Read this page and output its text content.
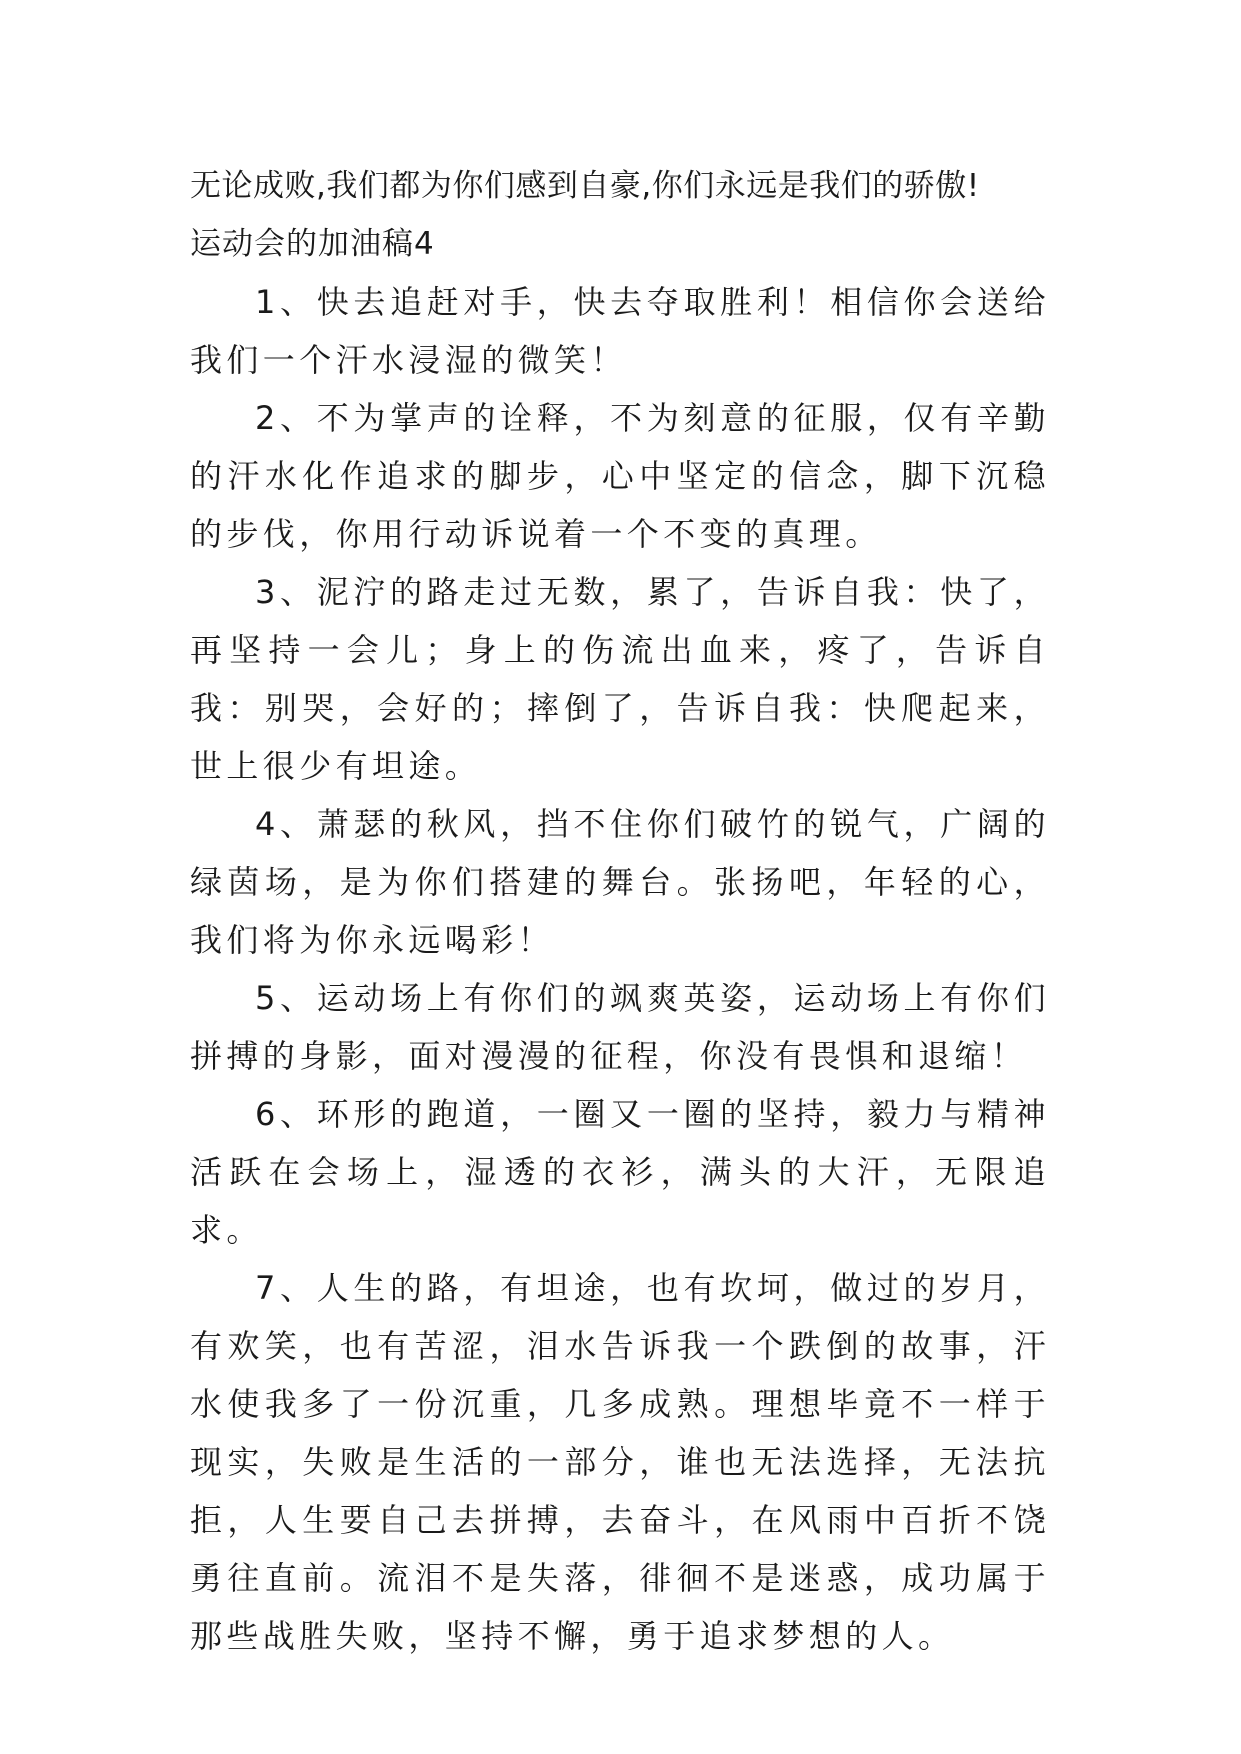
无论成败,我们都为你们感到自豪,你们永远是我们的骄傲!

运动会的加油稿4

1、快去追赶对手，快去夺取胜利！相信你会送给我们一个汗水浸湿的微笑！

2、不为掌声的诠释，不为刻意的征服，仅有辛勤的汗水化作追求的脚步，心中坚定的信念，脚下沉稳的步伐，你用行动诉说着一个不变的真理。

3、泥泞的路走过无数，累了，告诉自我：快了，再坚持一会儿；身上的伤流出血来，疼了，告诉自我：别哭，会好的；摔倒了，告诉自我：快爬起来，世上很少有坦途。

4、萧瑟的秋风，挡不住你们破竹的锐气，广阔的绿茵场，是为你们搭建的舞台。张扬吧，年轻的心，我们将为你永远喝彩！

5、运动场上有你们的飒爽英姿，运动场上有你们拼搏的身影，面对漫漫的征程，你没有畏惧和退缩！

6、环形的跑道，一圈又一圈的坚持，毅力与精神活跃在会场上，湿透的衣衫，满头的大汗，无限追求。

7、人生的路，有坦途，也有坎坷，做过的岁月，有欢笑，也有苦涩，泪水告诉我一个跌倒的故事，汗水使我多了一份沉重，几多成熟。理想毕竟不一样于现实，失败是生活的一部分，谁也无法选择，无法抗拒，人生要自己去拼搏，去奋斗，在风雨中百折不饶勇往直前。流泪不是失落，徘徊不是迷惑，成功属于那些战胜失败，坚持不懈，勇于追求梦想的人。
